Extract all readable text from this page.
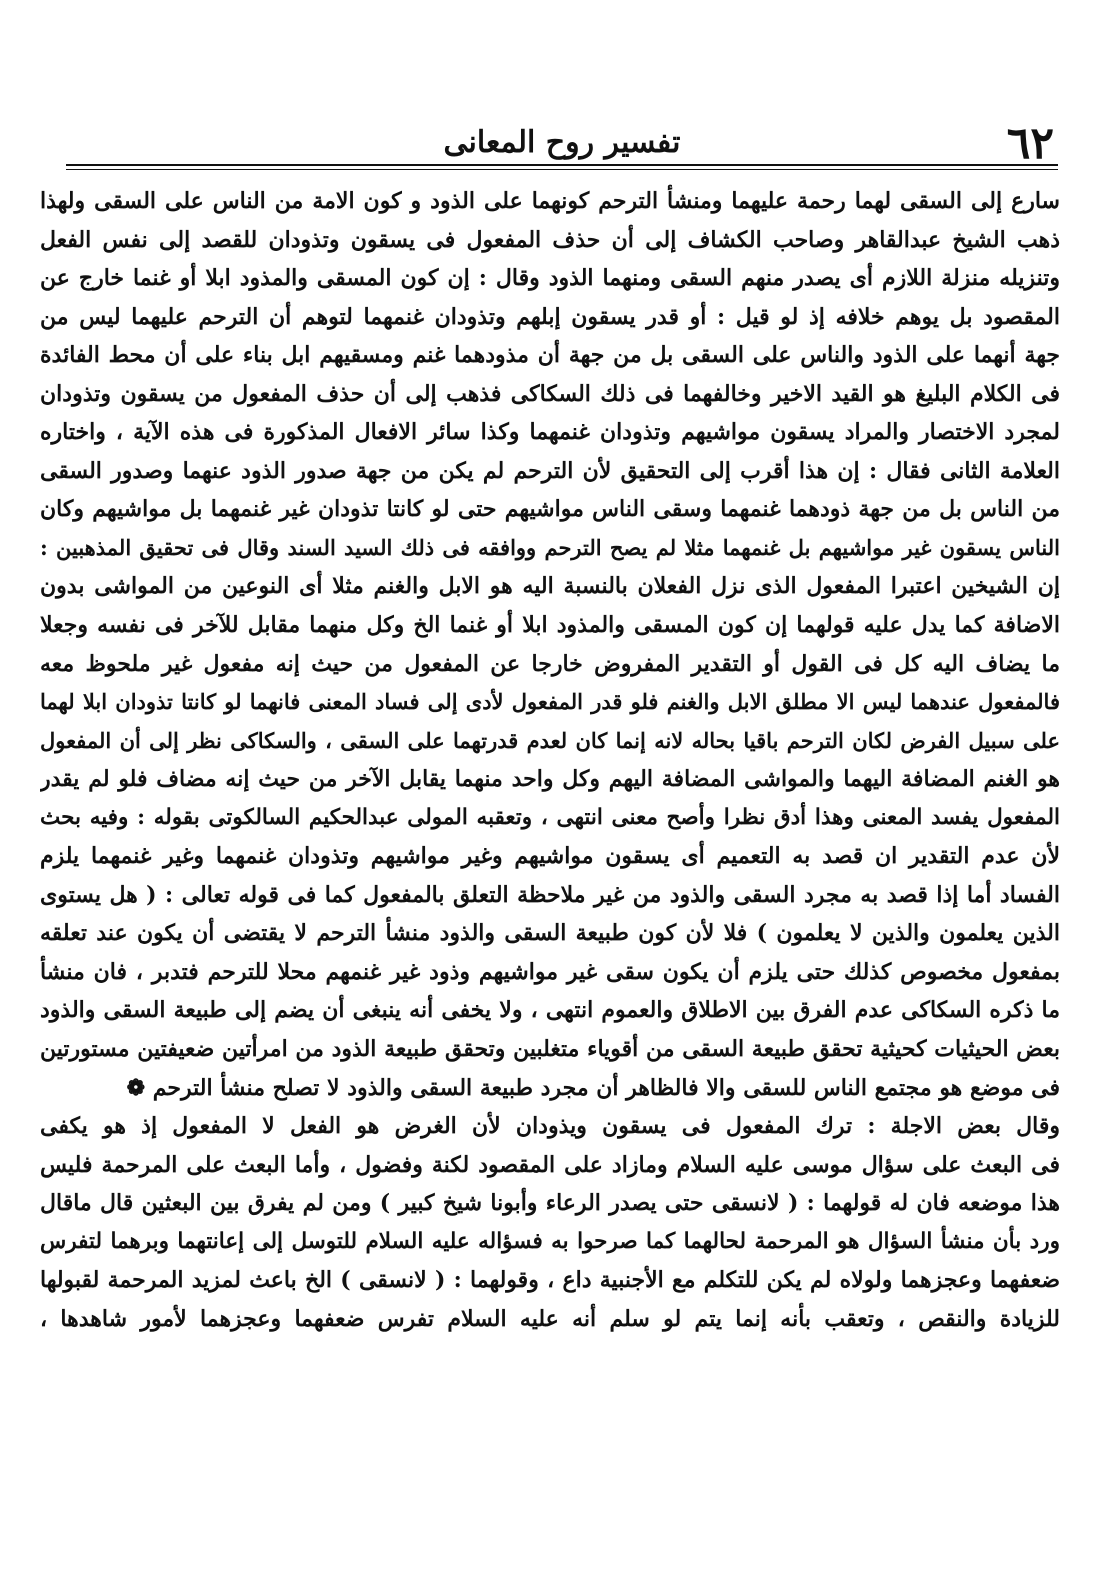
٦٢
تفسير روح المعانى
سارع إلى السقى لهما رحمة عليهما ومنشأ الترحم كونهما على الذود و كون الامة من الناس على السقى ولهذا
ذهب الشيخ عبدالقاهر وصاحب الكشاف إلى أن حذف المفعول فى يسقون وتذودان للقصد إلى نفس الفعل
وتنزيله منزلة اللازم أى يصدر منهم السقى ومنهما الذود وقال : إن كون المسقى والمذود ابلا أو غنما خارج عن
المقصود بل يوهم خلافه إذ لو قيل : أو قدر يسقون إبلهم وتذودان غنمهما لتوهم أن الترحم عليهما ليس من
جهة أنهما على الذود والناس على السقى بل من جهة أن مذودهما غنم ومسقيهم ابل بناء على أن محط الفائدة
فى الكلام البليغ هو القيد الاخير وخالفهما فى ذلك السكاكى فذهب إلى أن حذف المفعول من يسقون وتذودان
لمجرد الاختصار والمراد يسقون مواشيهم وتذودان غنمهما وكذا سائر الافعال المذكورة فى هذه الآية ، واختاره
العلامة الثانى فقال : إن هذا أقرب إلى التحقيق لأن الترحم لم يكن من جهة صدور الذود عنهما وصدور السقى
من الناس بل من جهة ذودهما غنمهما وسقى الناس مواشيهم حتى لو كانتا تذودان غير غنمهما بل مواشيهم وكان
الناس يسقون غير مواشيهم بل غنمهما مثلا لم يصح الترحم ووافقه فى ذلك السيد السند وقال فى تحقيق المذهبين :
إن الشيخين اعتبرا المفعول الذى نزل الفعلان بالنسبة اليه هو الابل والغنم مثلا أى النوعين من المواشى بدون
الاضافة كما يدل عليه قولهما إن كون المسقى والمذود ابلا أو غنما الخ وكل منهما مقابل للآخر فى نفسه وجعلا
ما يضاف اليه كل فى القول أو التقدير المفروض خارجا عن المفعول من حيث إنه مفعول غير ملحوظ معه
فالمفعول عندهما ليس الا مطلق الابل والغنم فلو قدر المفعول لأدى إلى فساد المعنى فانهما لو كانتا تذودان ابلا لهما
على سبيل الفرض لكان الترحم باقيا بحاله لانه إنما كان لعدم قدرتهما على السقى ، والسكاكى نظر إلى أن المفعول
هو الغنم المضافة اليهما والمواشى المضافة اليهم وكل واحد منهما يقابل الآخر من حيث إنه مضاف فلو لم يقدر
المفعول يفسد المعنى وهذا أدق نظرا وأصح معنى انتهى ، وتعقبه المولى عبدالحكيم السالكوتى بقوله : وفيه بحث
لأن عدم التقدير ان قصد به التعميم أى يسقون مواشيهم وغير مواشيهم وتذودان غنمهما وغير غنمهما يلزم
الفساد أما إذا قصد به مجرد السقى والذود من غير ملاحظة التعلق بالمفعول كما فى قوله تعالى : ( هل يستوى
الذين يعلمون والذين لا يعلمون ) فلا لأن كون طبيعة السقى والذود منشأ الترحم لا يقتضى أن يكون عند تعلقه
بمفعول مخصوص كذلك حتى يلزم أن يكون سقى غير مواشيهم وذود غير غنمهم محلا للترحم فتدبر ، فان منشأ
ما ذكره السكاكى عدم الفرق بين الاطلاق والعموم انتهى ، ولا يخفى أنه ينبغى أن يضم إلى طبيعة السقى والذود
بعض الحيثيات كحيثية تحقق طبيعة السقى من أقوياء متغلبين وتحقق طبيعة الذود من امرأتين ضعيفتين مستورتين
فى موضع هو مجتمع الناس للسقى والا فالظاهر أن مجرد طبيعة السقى والذود لا تصلح منشأ الترحم ❁
وقال بعض الاجلة : ترك المفعول فى يسقون ويذودان لأن الغرض هو الفعل لا المفعول إذ هو يكفى
فى البعث على سؤال موسى عليه السلام ومازاد على المقصود لكنة وفضول ، وأما البعث على المرحمة فليس
هذا موضعه فان له قولهما : ( لانسقى حتى يصدر الرعاء وأبونا شيخ كبير ) ومن لم يفرق بين البعثين قال ماقال
ورد بأن منشأ السؤال هو المرحمة لحالهما كما صرحوا به فسؤاله عليه السلام للتوسل إلى إعانتهما وبرهما لتفرس
ضعفهما وعجزهما ولولاه لم يكن للتكلم مع الأجنبية داع ، وقولهما : ( لانسقى ) الخ باعث لمزيد المرحمة لقبولها
للزيادة والنقص ، وتعقب بأنه إنما يتم لو سلم أنه عليه السلام تفرس ضعفهما وعجزهما لأمور شاهدها ،
